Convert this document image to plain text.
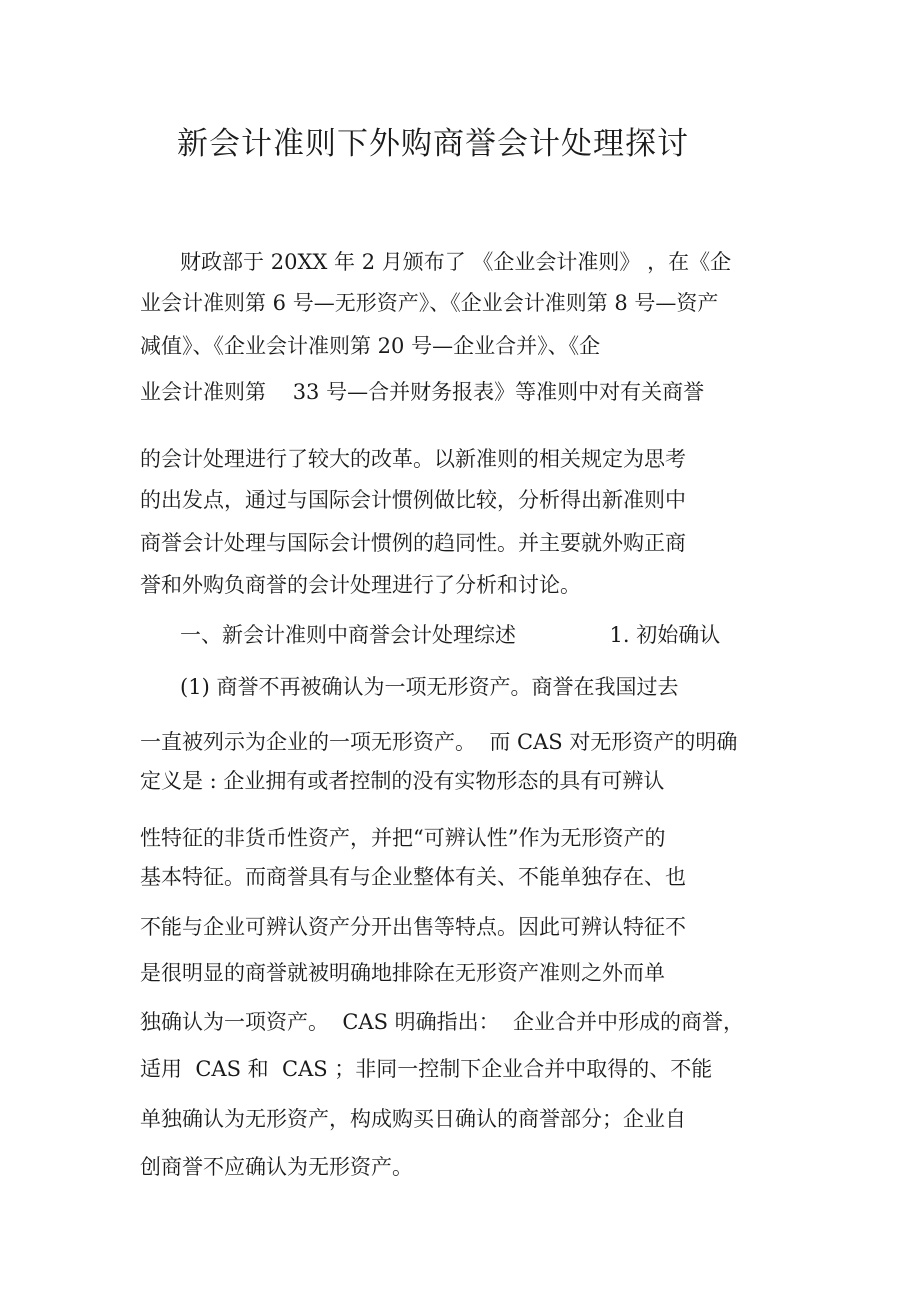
新会计准则下外购商誉会计处理探讨
财政部于 20XX 年 2 月颁布了 《企业会计准则》 ，在《企
业会计准则第 6 号—无形资产》、《企业会计准则第 8 号—资产
减值》、《企业会计准则第 20 号—企业合并》、《企
业会计准则第    33 号—合并财务报表》等准则中对有关商誉
的会计处理进行了较大的改革。以新准则的相关规定为思考
的出发点，通过与国际会计惯例做比较，分析得出新准则中
商誉会计处理与国际会计惯例的趋同性。并主要就外购正商
誉和外购负商誉的会计处理进行了分析和讨论。
一、新会计准则中商誉会计处理综述              1. 初始确认
(1) 商誉不再被确认为一项无形资产。商誉在我国过去
一直被列示为企业的一项无形资产。  而 CAS 对无形资产的明确
定义是 : 企业拥有或者控制的没有实物形态的具有可辨认
性特征的非货币性资产，并把“可辨认性”作为无形资产的
基本特征。而商誉具有与企业整体有关、不能单独存在、也
不能与企业可辨认资产分开出售等特点。因此可辨认特征不
是很明显的商誉就被明确地排除在无形资产准则之外而单
独确认为一项资产。  CAS 明确指出：  企业合并中形成的商誉，
适用  CAS 和  CAS ；非同一控制下企业合并中取得的、不能
单独确认为无形资产，构成购买日确认的商誉部分；企业自
创商誉不应确认为无形资产。
